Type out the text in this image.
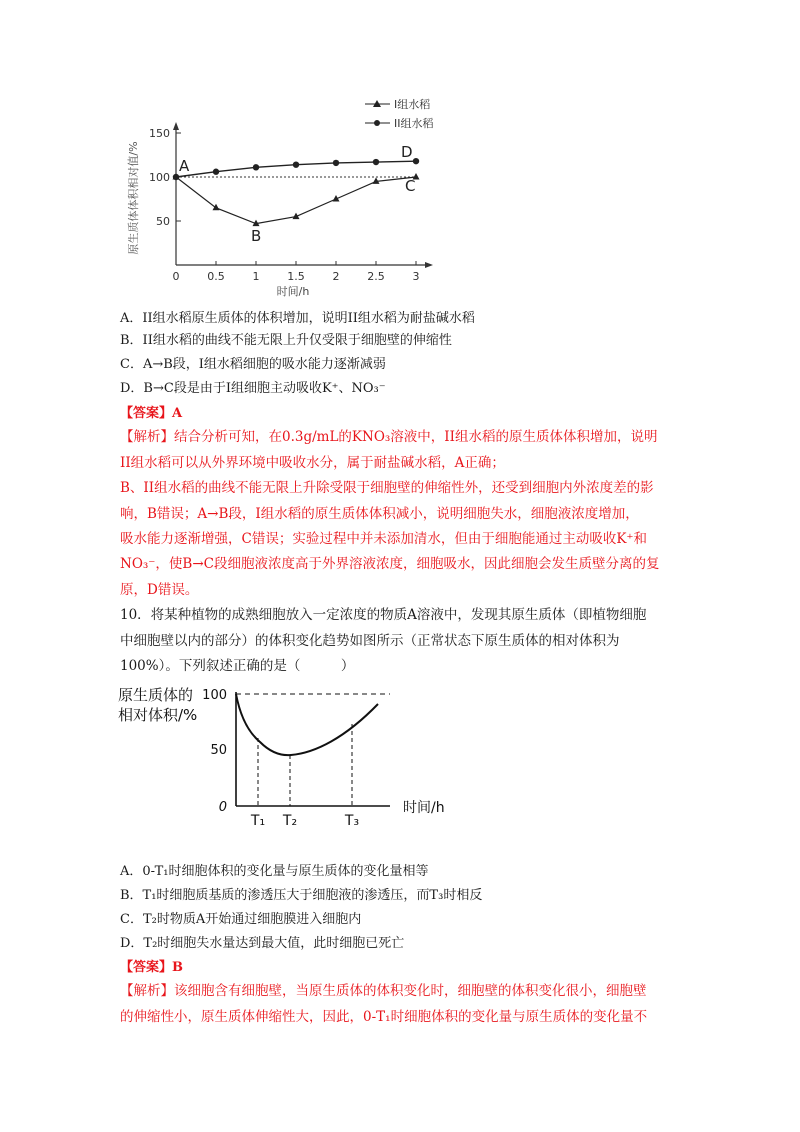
150
100
50
0	0.5	1	1.5	2	2.5	3
原生质体体积相对值/%
时间/h
A
B
C
D
I组水稻
II组水稻
A．II组水稻原生质体的体积增加，说明II组水稻为耐盐碱水稻
B．II组水稻的曲线不能无限上升仅受限于细胞壁的伸缩性
C．A→B段，I组水稻细胞的吸水能力逐渐减弱
D．B→C段是由于I组细胞主动吸收K⁺、NO₃⁻
【答案】A
【解析】结合分析可知，在0.3g/mL的KNO₃溶液中，II组水稻的原生质体体积增加，说明
II组水稻可以从外界环境中吸收水分，属于耐盐碱水稻，A正确；
B、II组水稻的曲线不能无限上升除受限于细胞壁的伸缩性外，还受到细胞内外浓度差的影
响，B错误；A→B段，I组水稻的原生质体体积减小，说明细胞失水，细胞液浓度增加，
吸水能力逐渐增强，C错误；实验过程中并未添加清水，但由于细胞能通过主动吸收K⁺和
NO₃⁻，使B→C段细胞液浓度高于外界溶液浓度，细胞吸水，因此细胞会发生质壁分离的复
原，D错误。
10．将某种植物的成熟细胞放入一定浓度的物质A溶液中，发现其原生质体（即植物细胞
中细胞壁以内的部分）的体积变化趋势如图所示（正常状态下原生质体的相对体积为
100%）。下列叙述正确的是（　　　）
原生质体的
相对体积/%
100
50
0
T₁ T₂	T₃
时间/h
A．0-T₁时细胞体积的变化量与原生质体的变化量相等
B．T₁时细胞质基质的渗透压大于细胞液的渗透压，而T₃时相反
C．T₂时物质A开始通过细胞膜进入细胞内
D．T₂时细胞失水量达到最大值，此时细胞已死亡
【答案】B
【解析】该细胞含有细胞壁，当原生质体的体积变化时，细胞壁的体积变化很小，细胞壁
的伸缩性小，原生质体伸缩性大，因此，0-T₁时细胞体积的变化量与原生质体的变化量不
